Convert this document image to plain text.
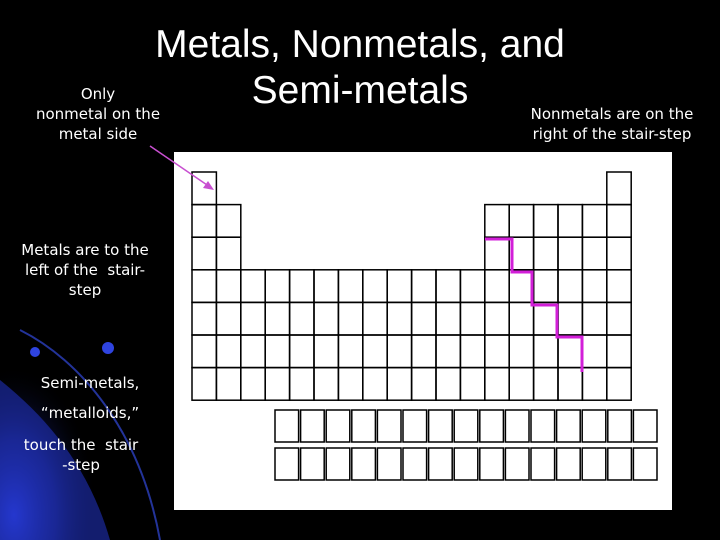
Metals, Nonmetals, and
Semi-metals
Only
nonmetal on the
metal side
Nonmetals are on the
right of the stair-step
Metals are to the
left of the  stair-
step
Semi-metals,
“metalloids,”
touch the  stair
-step
